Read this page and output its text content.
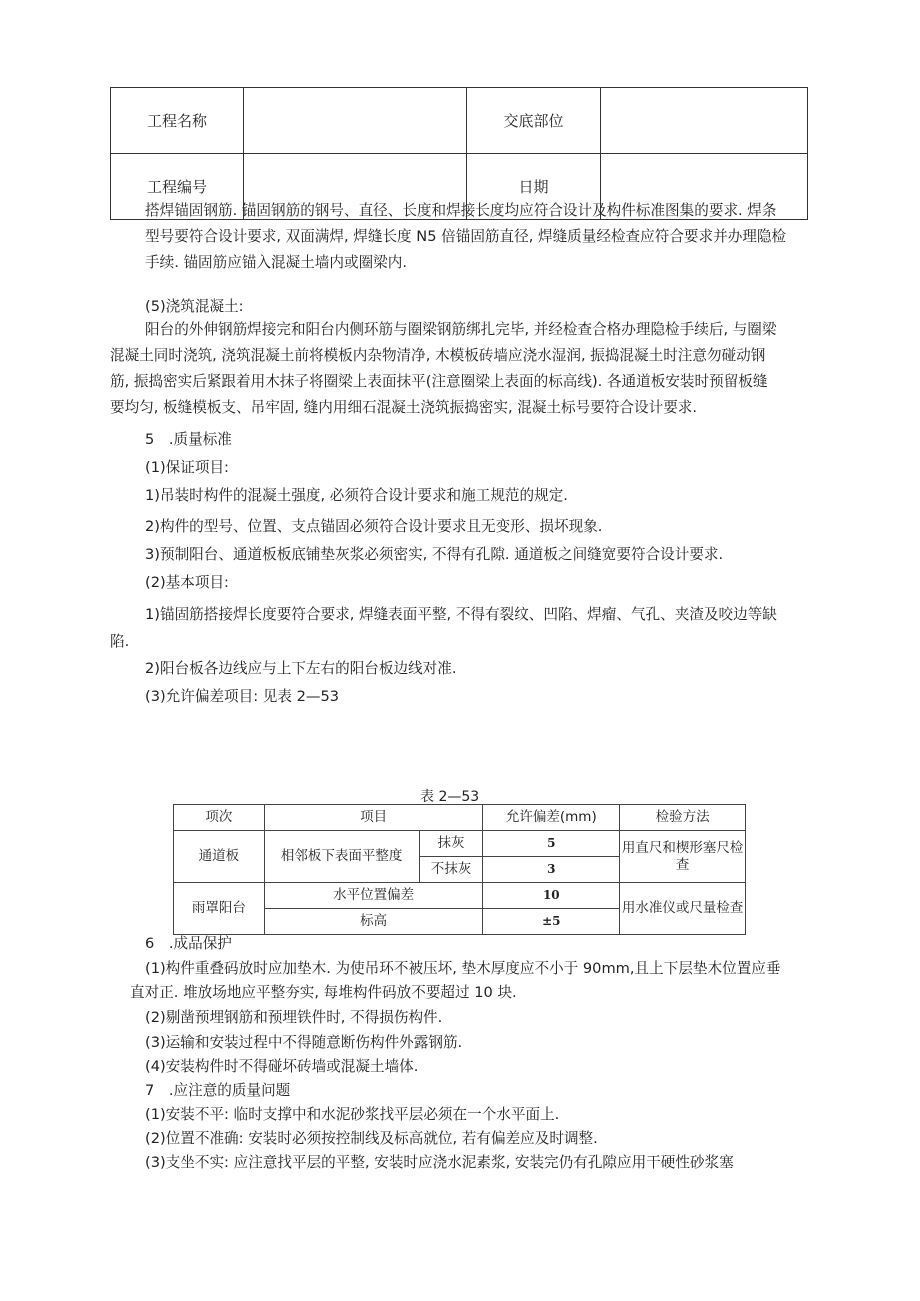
工程名称		交底部位	
工程编号		日期	
搭焊锚固钢筋. 锚固钢筋的钢号、直径、长度和焊接长度均应符合设计及构件标准图集的要求. 焊条
型号要符合设计要求, 双面满焊, 焊缝长度 N5 倍锚固筋直径, 焊缝质量经检查应符合要求并办理隐检
手续. 锚固筋应锚入混凝土墙内或圈梁内.
(5)浇筑混凝土:
阳台的外伸钢筋焊接完和阳台内侧环筋与圈梁钢筋绑扎完毕, 并经检查合格办理隐检手续后, 与圈梁
混凝土同时浇筑, 浇筑混凝土前将模板内杂物清净, 木模板砖墙应浇水湿润, 振捣混凝土时注意勿碰动钢
筋, 振捣密实后紧跟着用木抹子将圈梁上表面抹平(注意圈梁上表面的标高线). 各通道板安装时预留板缝
要均匀, 板缝模板支、吊牢固, 缝内用细石混凝土浇筑振捣密实, 混凝土标号要符合设计要求.
5　.质量标准
(1)保证项目:
1)吊装时构件的混凝土强度, 必须符合设计要求和施工规范的规定.
2)构件的型号、位置、支点锚固必须符合设计要求且无变形、损坏现象.
3)预制阳台、通道板板底铺垫灰浆必须密实, 不得有孔隙. 通道板之间缝宽要符合设计要求.
(2)基本项目:
1)锚固筋搭接焊长度要符合要求, 焊缝表面平整, 不得有裂纹、凹陷、焊瘤、气孔、夹渣及咬边等缺
陷.
2)阳台板各边线应与上下左右的阳台板边线对准.
(3)允许偏差项目: 见表 2—53
表 2—53
项次	项目		允许偏差(mm)	检验方法
通道板	相邻板下表面平整度	抹灰	5	用直尺和楔形塞尺检查
		不抹灰	3	
雨罩阳台	水平位置偏差		10	用水准仪或尺量检查
	标高		±5	
6　.成品保护
(1)构件重叠码放时应加垫木. 为使吊环不被压坏, 垫木厚度应不小于 90mm,且上下层垫木位置应垂
直对正. 堆放场地应平整夯实, 每堆构件码放不要超过 10 块.
(2)剔凿预埋钢筋和预埋铁件时, 不得损伤构件.
(3)运输和安装过程中不得随意断伤构件外露钢筋.
(4)安装构件时不得碰坏砖墙或混凝土墙体.
7　.应注意的质量问题
(1)安装不平: 临时支撑中和水泥砂浆找平层必须在一个水平面上.
(2)位置不准确: 安装时必须按控制线及标高就位, 若有偏差应及时调整.
(3)支坐不实: 应注意找平层的平整, 安装时应浇水泥素浆, 安装完仍有孔隙应用干硬性砂浆塞
